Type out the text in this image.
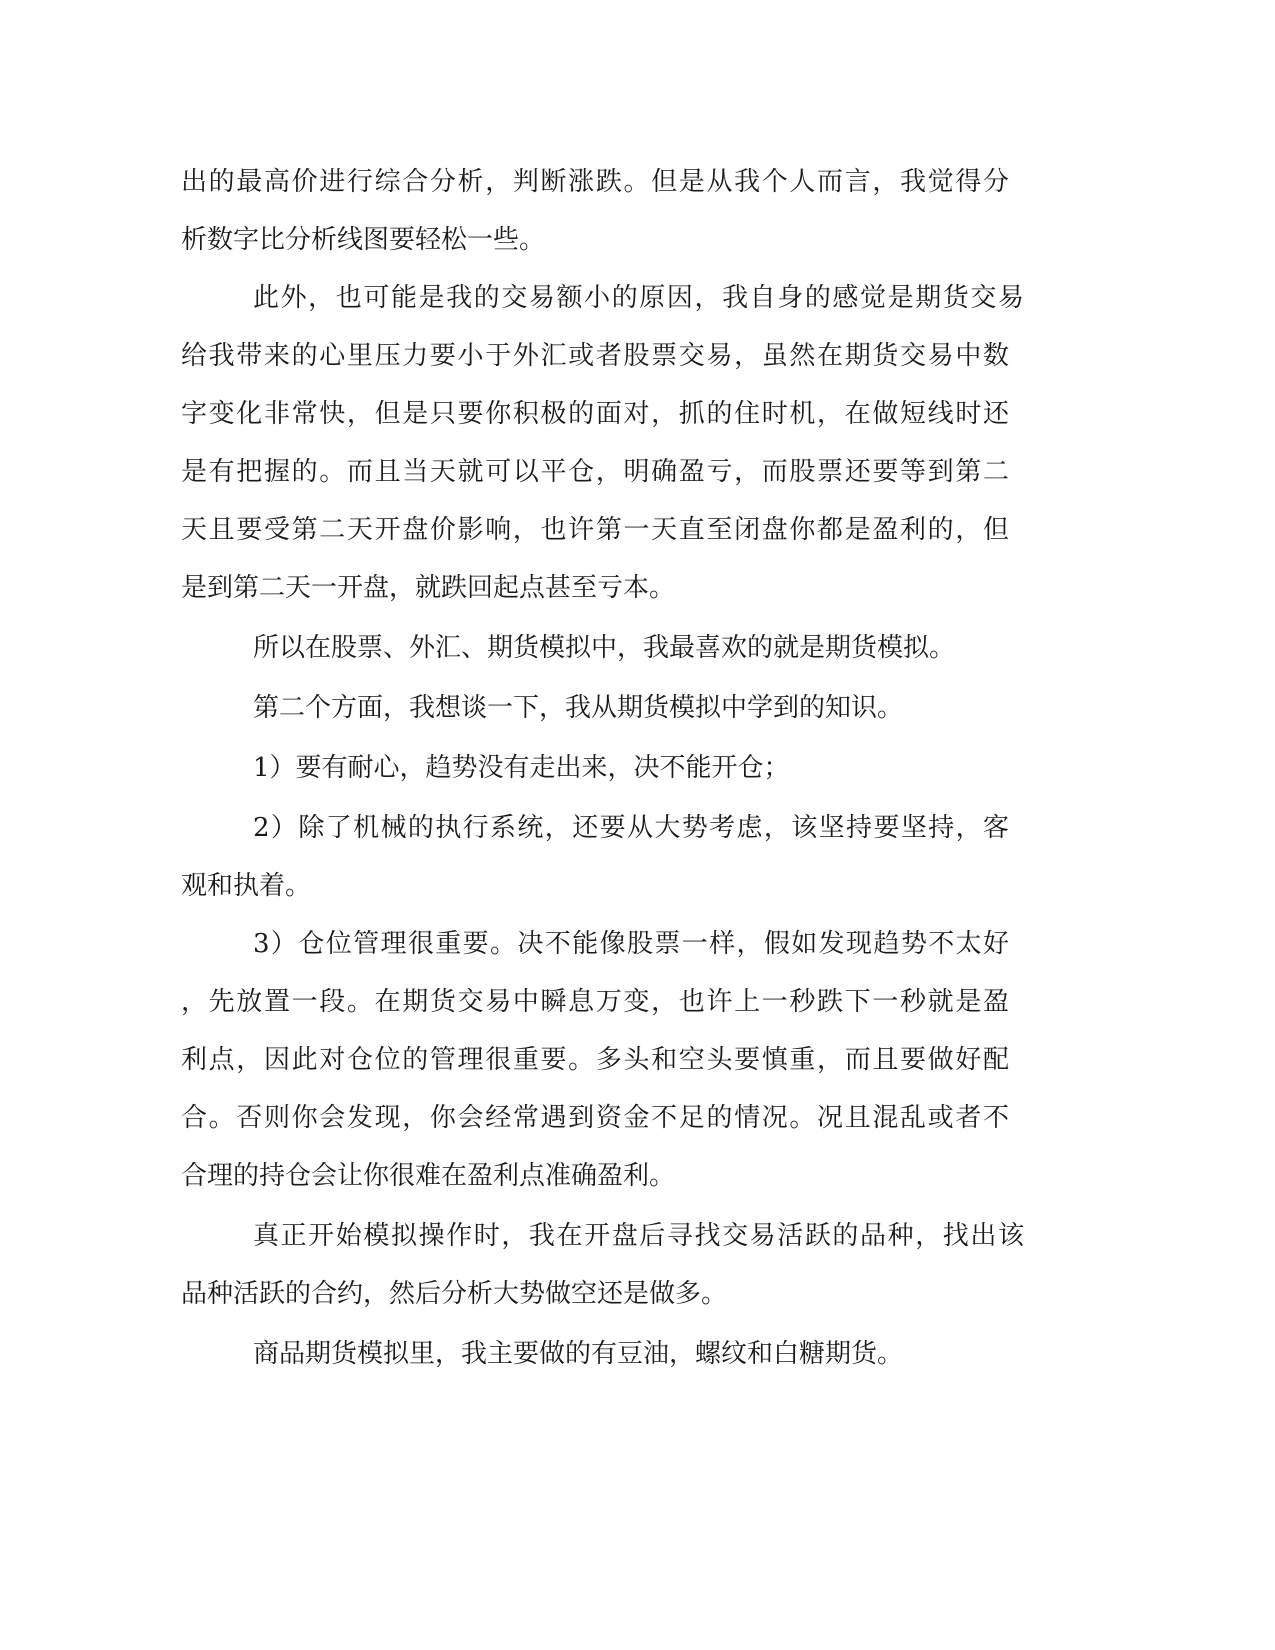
出的最高价进行综合分析，判断涨跌。但是从我个人而言，我觉得分

析数字比分析线图要轻松一些。

此外，也可能是我的交易额小的原因，我自身的感觉是期货交易

给我带来的心里压力要小于外汇或者股票交易，虽然在期货交易中数

字变化非常快，但是只要你积极的面对，抓的住时机，在做短线时还

是有把握的。而且当天就可以平仓，明确盈亏，而股票还要等到第二

天且要受第二天开盘价影响，也许第一天直至闭盘你都是盈利的，但

是到第二天一开盘，就跌回起点甚至亏本。

所以在股票、外汇、期货模拟中，我最喜欢的就是期货模拟。

第二个方面，我想谈一下，我从期货模拟中学到的知识。

1）要有耐心，趋势没有走出来，决不能开仓；

2）除了机械的执行系统，还要从大势考虑，该坚持要坚持，客

观和执着。

3）仓位管理很重要。决不能像股票一样，假如发现趋势不太好

，先放置一段。在期货交易中瞬息万变，也许上一秒跌下一秒就是盈

利点，因此对仓位的管理很重要。多头和空头要慎重，而且要做好配

合。否则你会发现，你会经常遇到资金不足的情况。况且混乱或者不

合理的持仓会让你很难在盈利点准确盈利。

真正开始模拟操作时，我在开盘后寻找交易活跃的品种，找出该

品种活跃的合约，然后分析大势做空还是做多。

商品期货模拟里，我主要做的有豆油，螺纹和白糖期货。
